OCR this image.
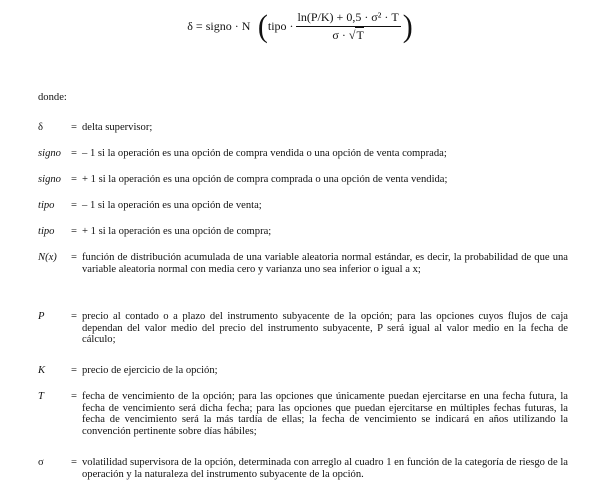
δ = signo · N ( tipo · $\frac{\text{ln(P/K) + 0,5 · σ² · T}}{\sigma \cdot √T}$ )
donde:
δ	= delta supervisor;
signo = – 1 si la operación es una opción de compra vendida o una opción de venta comprada;
signo = + 1 si la operación es una opción de compra comprada o una opción de venta vendida;
tipo = – 1 si la operación es una opción de venta;
tipo = + 1 si la operación es una opción de compra;
N(x) = función de distribución acumulada de una variable aleatoria normal estándar, es decir, la probabilidad de que una variable aleatoria normal con media cero y varianza uno sea inferior o igual a x;
P	= precio al contado o a plazo del instrumento subyacente de la opción; para las opciones cuyos flujos de caja dependan del valor medio del precio del instrumento subyacente, P será igual al valor medio en la fecha de cálculo;
K = precio de ejercicio de la opción;
T	= fecha de vencimiento de la opción; para las opciones que únicamente puedan ejercitarse en una fecha futura, la fecha de vencimiento será dicha fecha; para las opciones que puedan ejercitarse en múltiples fechas futuras, la fecha de vencimiento será la más tardía de ellas; la fecha de vencimiento se indicará en años utilizando la convención pertinente sobre días hábiles;
σ	= volatilidad supervisora de la opción, determinada con arreglo al cuadro 1 en función de la categoría de riesgo de la operación y la naturaleza del instrumento subyacente de la opción.
